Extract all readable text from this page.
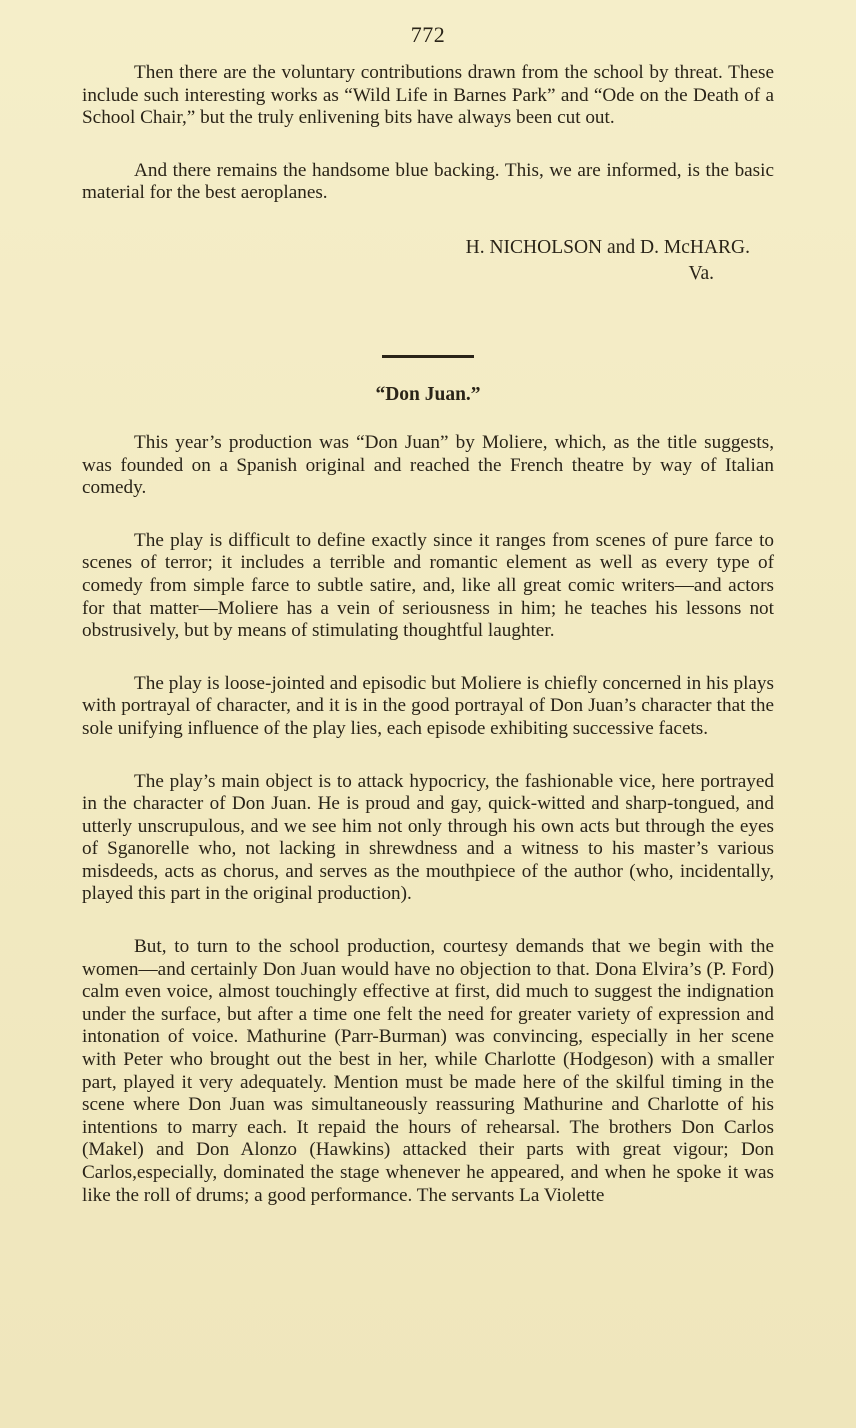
772

Then there are the voluntary contributions drawn from the school by threat. These include such interesting works as “Wild Life in Barnes Park” and “Ode on the Death of a School Chair,” but the truly enlivening bits have always been cut out.

And there remains the handsome blue backing. This, we are informed, is the basic material for the best aeroplanes.

H. NICHOLSON and D. McHARG.
Va.
“Don Juan.”

This year’s production was “Don Juan” by Moliere, which, as the title suggests, was founded on a Spanish original and reached the French theatre by way of Italian comedy.

The play is difficult to define exactly since it ranges from scenes of pure farce to scenes of terror; it includes a terrible and romantic element as well as every type of comedy from simple farce to subtle satire, and, like all great comic writers—and actors for that matter—Moliere has a vein of seriousness in him; he teaches his lessons not obstrusively, but by means of stimulating thoughtful laughter.

The play is loose-jointed and episodic but Moliere is chiefly concerned in his plays with portrayal of character, and it is in the good portrayal of Don Juan’s character that the sole unifying influence of the play lies, each episode exhibiting successive facets.

The play’s main object is to attack hypocricy, the fashionable vice, here portrayed in the character of Don Juan. He is proud and gay, quick-witted and sharp-tongued, and utterly unscrupulous, and we see him not only through his own acts but through the eyes of Sganorelle who, not lacking in shrewdness and a witness to his master’s various misdeeds, acts as chorus, and serves as the mouthpiece of the author (who, incidentally, played this part in the original production).

But, to turn to the school production, courtesy demands that we begin with the women—and certainly Don Juan would have no objection to that. Dona Elvira’s (P. Ford) calm even voice, almost touchingly effective at first, did much to suggest the indignation under the surface, but after a time one felt the need for greater variety of expression and intonation of voice. Mathurine (Parr-Burman) was convincing, especially in her scene with Peter who brought out the best in her, while Charlotte (Hodgeson) with a smaller part, played it very adequately. Mention must be made here of the skilful timing in the scene where Don Juan was simultaneously reassuring Mathurine and Charlotte of his intentions to marry each. It repaid the hours of rehearsal. The brothers Don Carlos (Makel) and Don Alonzo (Hawkins) attacked their parts with great vigour; Don Carlos,especially, dominated the stage whenever he appeared, and when he spoke it was like the roll of drums; a good performance. The servants La Violette
